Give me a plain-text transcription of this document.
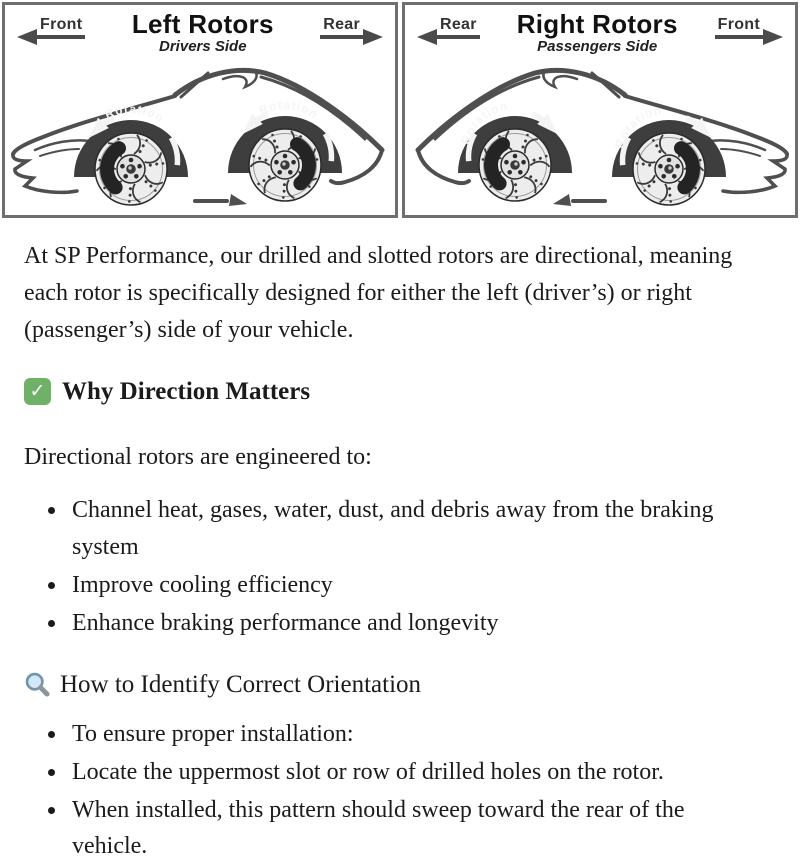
Front Left Rotors
Drivers Side
Rear
Rotation	Rotation
Rear Right Rotors
Passengers Side
Front
Rotation
Rotation

At SP Performance, our drilled and slotted rotors are directional, meaning each rotor is specifically designed for either the left (driver’s) or right (passenger’s) side of your vehicle.

✓ Why Direction Matters

Directional rotors are engineered to:

• Channel heat, gases, water, dust, and debris away from the braking system
• Improve cooling efficiency
• Enhance braking performance and longevity
How to Identify Correct Orientation
• To ensure proper installation:
• Locate the uppermost slot or row of drilled holes on the rotor.
• When installed, this pattern should sweep toward the rear of the vehicle.
